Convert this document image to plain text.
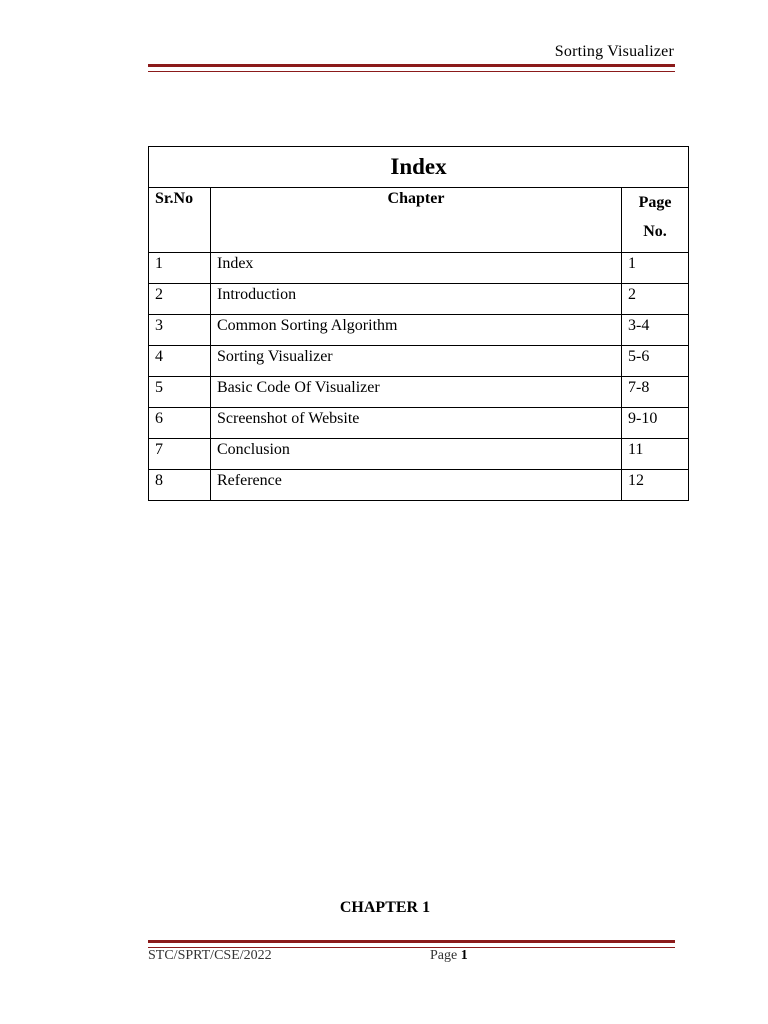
Sorting Visualizer
Index		
Sr.No	Chapter	Page
No.
1	Index	1
2	Introduction	2
3	Common Sorting Algorithm	3-4
4	Sorting Visualizer	5-6
5	Basic Code Of Visualizer	7-8
6	Screenshot of Website	9-10
7	Conclusion	11
8	Reference	12
CHAPTER 1
STC/SPRT/CSE/2022	Page 1
